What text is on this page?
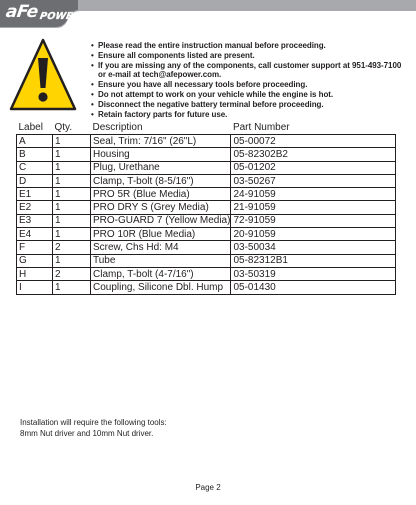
aFe POWER
• Please read the entire instruction manual before proceeding.
• Ensure all components listed are present.
• If you are missing any of the components, call customer support at 951-493-7100
or e-mail at tech@afepower.com.
• Ensure you have all necessary tools before proceeding.
• Do not attempt to work on your vehicle while the engine is hot.
• Disconnect the negative battery terminal before proceeding.
• Retain factory parts for future use.
Label	Qty.	Description	Part Number
A	1	Seal, Trim: 7/16" (26"L)	05-00072
B	1	Housing	05-82302B2
C	1	Plug, Urethane	05-01202
D	1	Clamp, T-bolt (8-5/16")	03-50267
E1	1	PRO 5R (Blue Media)	24-91059
E2	1	PRO DRY S (Grey Media)	21-91059
E3	1	PRO-GUARD 7 (Yellow Media)	72-91059
E4	1	PRO 10R (Blue Media)	20-91059
F	2	Screw, Chs Hd: M4	03-50034
G	1	Tube	05-82312B1
H	2	Clamp, T-bolt (4-7/16")	03-50319
I	1	Coupling, Silicone Dbl. Hump	05-01430
Installation will require the following tools:
8mm Nut driver and 10mm Nut driver.
Page 2
